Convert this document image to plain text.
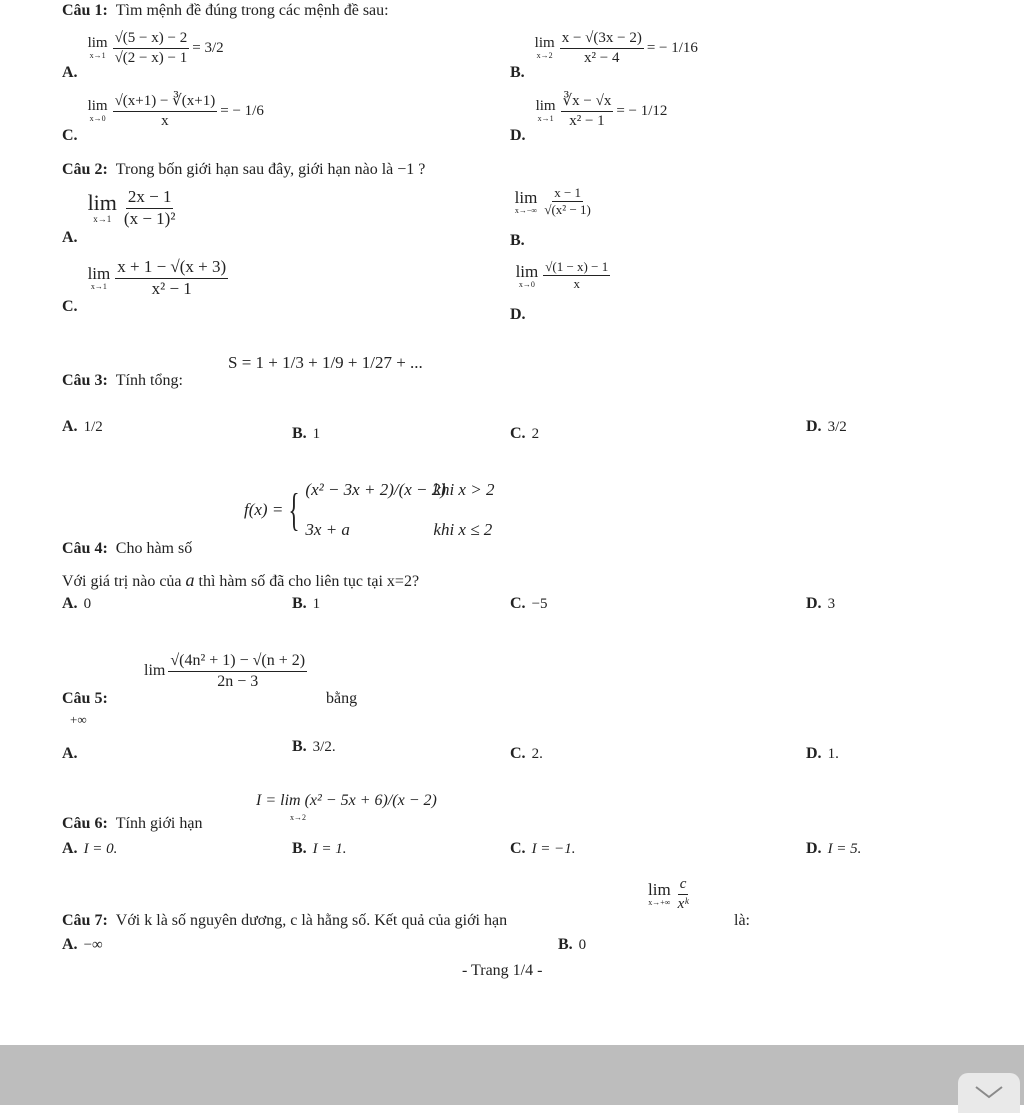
Câu 1: Tìm mệnh đề đúng trong các mệnh đề sau:
A.
lim
$x\to 1 \frac{√(5 - x) - 2}{√(2 - x) - 1} = 3/2$
B.
lim
$x\to 2 \frac{x - √(3x - 2)}{\text{x² − 4}}$ = − 1/16
C.
lim
$x\to 0 \frac{√(x+1) - ∛(x+1)}{x}$ = − 1/6
D.
lim
$x\to 1 \frac{∛x - √x}{\text{x² − 1}}$ = − 1/12
Câu 2: Trong bốn giới hạn sau đây, giới hạn nào là −1 ?
A.
lim
$x\to 1 \frac{2x - 1}{\text{(x − 1)²}}$
B.
lim
$x\to-\infty \frac{x - 1}{\text{√(x² − 1)}}$
C.
lim
$x\to 1 \frac{x + 1 - √(x + 3)}{\text{x² − 1}}$
D.
lim
$x\to 0 \frac{√(1 - x) - 1}{x}$
Câu 3: Tính tổng:
S = 1 + 1/3 + 1/9 + 1/27 + ...
A. 1/2	B. 1	C. 2	D. 3/2
Câu 4: Cho hàm số
f(x) = { (x² − 3x + 2)/(x − 2)
khi x > 2
3x + a	khi x ≤ 2
Với giá trị nào của a thì hàm số đã cho liên tục tại x=2?
A. 0	B. 1	C. −5	D. 3
Câu 5:
+∞
$\lim \frac{\text{√(4n² + 1) − √(n + 2)}}{2n - 3}$
bằng
A.	B. 3/2.	C. 2.	D. 1.
Câu 6: Tính giới hạn
I = lim (x² − 5x + 6)/(x − 2)
x→2
A. I = 0.	B. I = 1.	C. I = −1.	D. I = 5.
Câu 7: Với k là số nguyên dương, c là hằng số. Kết quả của giới hạn
lim
$x\to+\infty \frac{c}{\text{xᵏ}}$
là:
A. −∞	B. 0
- Trang 1/4 -
